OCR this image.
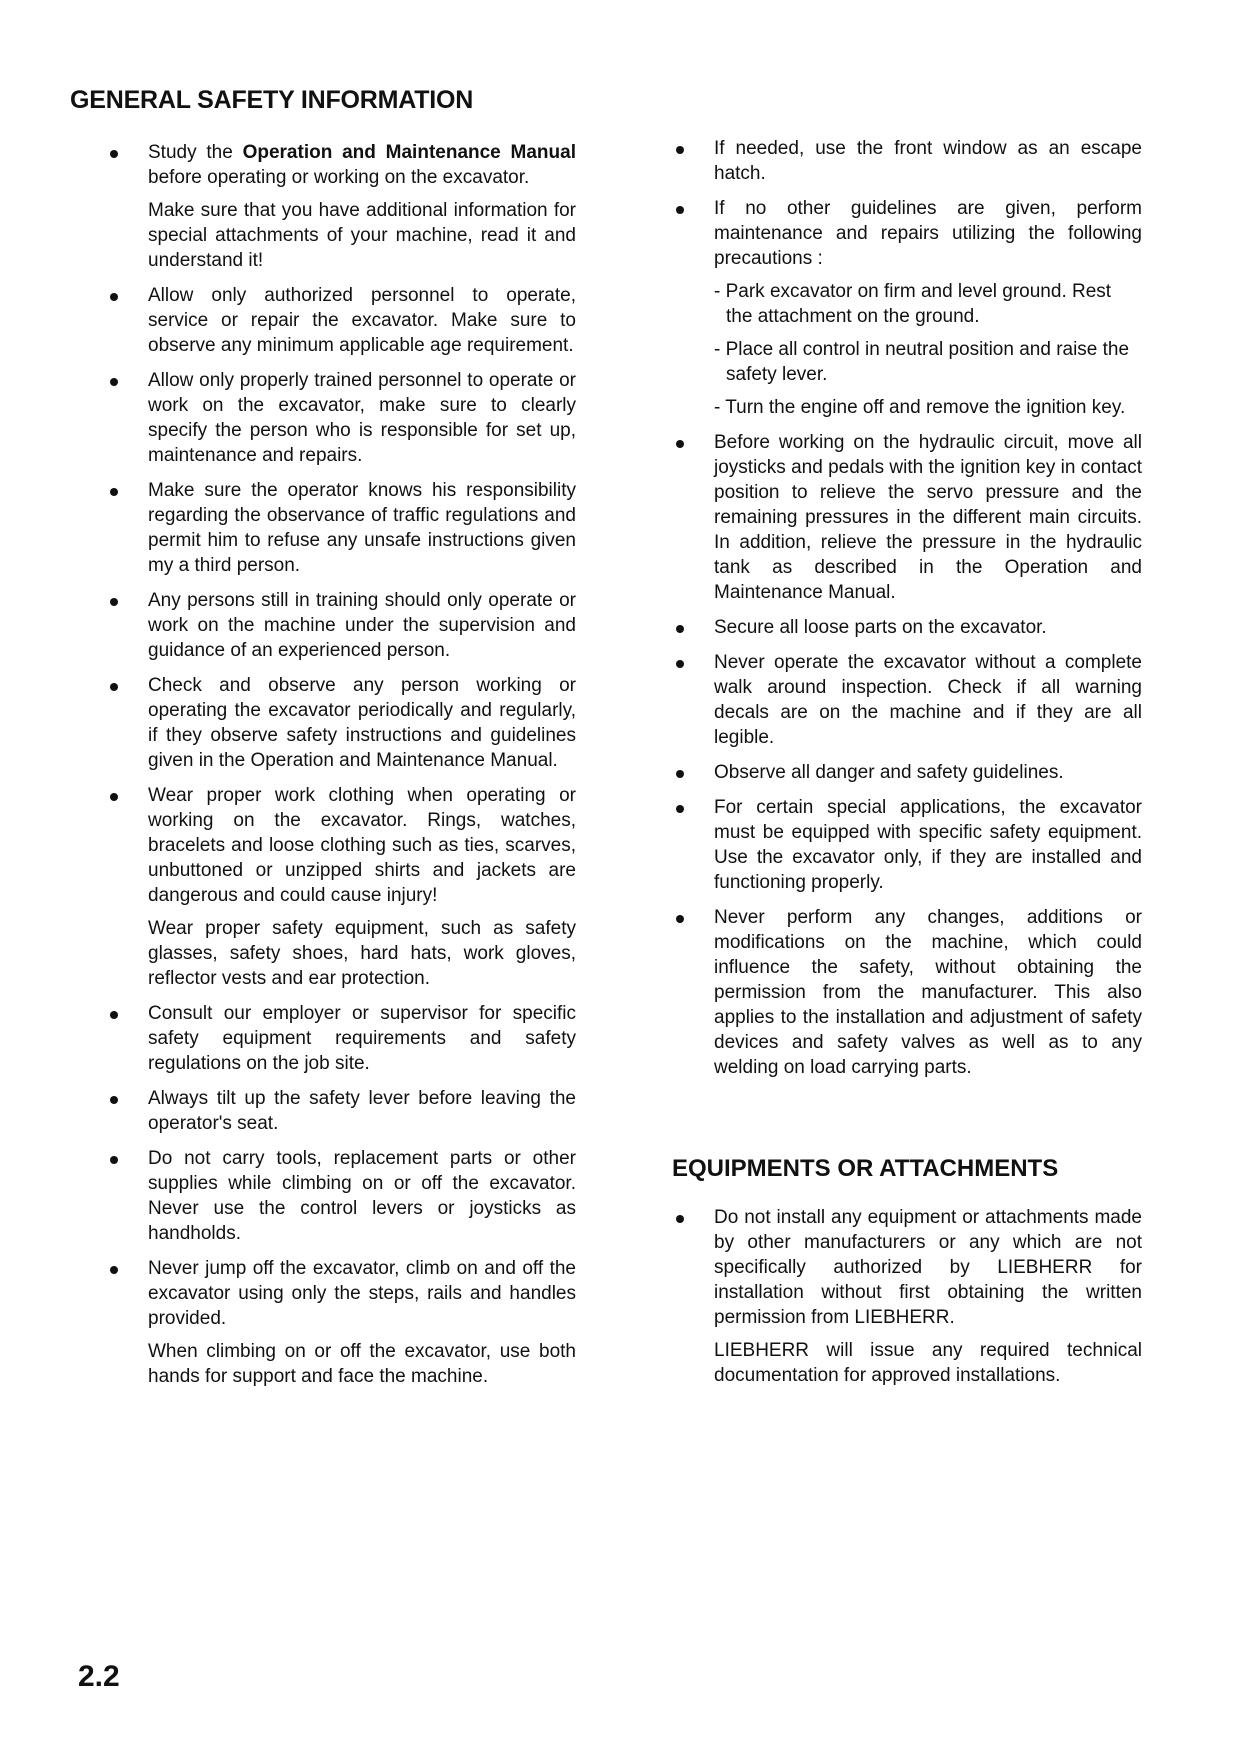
GENERAL SAFETY INFORMATION

Study the Operation and Maintenance Manual before operating or working on the excavator.

Make sure that you have additional information for special attachments of your machine, read it and understand it!

Allow only authorized personnel to operate, service or repair the excavator. Make sure to observe any minimum applicable age requirement.

Allow only properly trained personnel to operate or work on the excavator, make sure to clearly specify the person who is responsible for set up, maintenance and repairs.

Make sure the operator knows his responsibility regarding the observance of traffic regulations and permit him to refuse any unsafe instructions given my a third person.

Any persons still in training should only operate or work on the machine under the supervision and guidance of an experienced person.

Check and observe any person working or operating the excavator periodically and regularly, if they observe safety instructions and guidelines given in the Operation and Maintenance Manual.

Wear proper work clothing when operating or working on the excavator. Rings, watches, bracelets and loose clothing such as ties, scarves, unbuttoned or unzipped shirts and jackets are dangerous and could cause injury!

Wear proper safety equipment, such as safety glasses, safety shoes, hard hats, work gloves, reflector vests and ear protection.

Consult our employer or supervisor for specific safety equipment requirements and safety regulations on the job site.

Always tilt up the safety lever before leaving the operator's seat.

Do not carry tools, replacement parts or other supplies while climbing on or off the excavator. Never use the control levers or joysticks as handholds.

Never jump off the excavator, climb on and off the excavator using only the steps, rails and handles provided.

When climbing on or off the excavator, use both hands for support and face the machine.

If needed, use the front window as an escape hatch.

If no other guidelines are given, perform maintenance and repairs utilizing the following precautions :

- Park excavator on firm and level ground. Rest the attachment on the ground.

- Place all control in neutral position and raise the safety lever.

- Turn the engine off and remove the ignition key.

Before working on the hydraulic circuit, move all joysticks and pedals with the ignition key in contact position to relieve the servo pressure and the remaining pressures in the different main circuits. In addition, relieve the pressure in the hydraulic tank as described in the Operation and Maintenance Manual.

Secure all loose parts on the excavator.

Never operate the excavator without a complete walk around inspection. Check if all warning decals are on the machine and if they are all legible.

Observe all danger and safety guidelines.

For certain special applications, the excavator must be equipped with specific safety equipment. Use the excavator only, if they are installed and functioning properly.

Never perform any changes, additions or modifications on the machine, which could influence the safety, without obtaining the permission from the manufacturer. This also applies to the installation and adjustment of safety devices and safety valves as well as to any welding on load carrying parts.

EQUIPMENTS OR ATTACHMENTS

Do not install any equipment or attachments made by other manufacturers or any which are not specifically authorized by LIEBHERR for installation without first obtaining the written permission from LIEBHERR.

LIEBHERR will issue any required technical documentation for approved installations.

2.2
